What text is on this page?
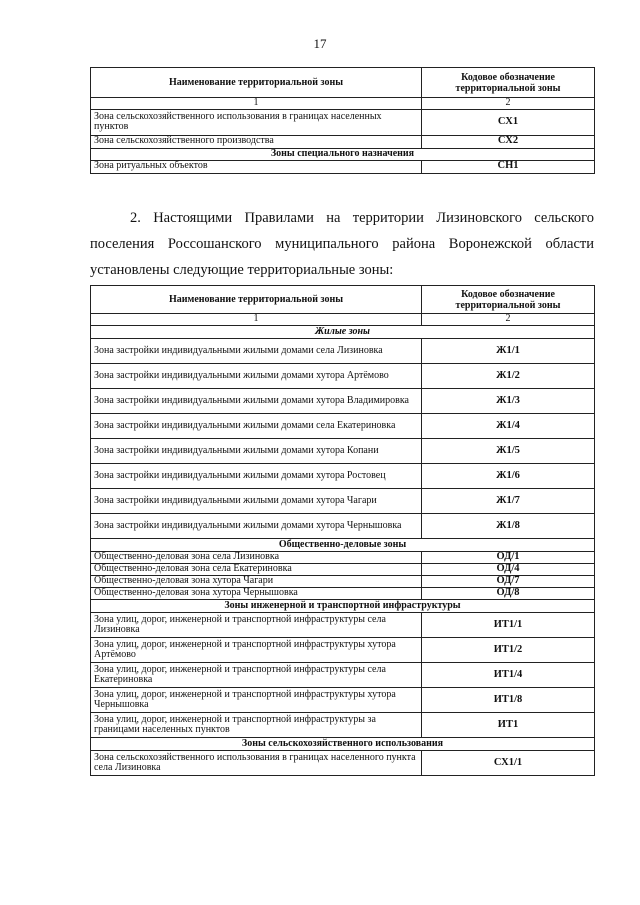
17
Наименование территориальной зоны	Кодовое обозначение территориальной зоны
1	2
Зона сельскохозяйственного использования в границах населенных пунктов	СХ1
Зона сельскохозяйственного производства	СХ2
Зоны специального назначения	
Зона ритуальных объектов	СН1
2. Настоящими Правилами на территории Лизиновского сельского
поселения Россошанского муниципального района Воронежской области
установлены следующие территориальные зоны:
Наименование территориальной зоны	Кодовое обозначение территориальной зоны
1	2
Жилые зоны	
Зона застройки индивидуальными жилыми домами села Лизиновка	Ж1/1
Зона застройки индивидуальными жилыми домами хутора Артёмово	Ж1/2
Зона застройки индивидуальными жилыми домами хутора Владимировка	Ж1/3
Зона застройки индивидуальными жилыми домами села Екатериновка	Ж1/4
Зона застройки индивидуальными жилыми домами хутора Копани	Ж1/5
Зона застройки индивидуальными жилыми домами хутора Ростовец	Ж1/6
Зона застройки индивидуальными жилыми домами хутора Чагари	Ж1/7
Зона застройки индивидуальными жилыми домами хутора Чернышовка	Ж1/8
Общественно-деловые зоны	
Общественно-деловая зона села Лизиновка	ОД/1
Общественно-деловая зона села Екатериновка	ОД/4
Общественно-деловая зона хутора Чагари	ОД/7
Общественно-деловая зона хутора Чернышовка	ОД/8
Зоны инженерной и транспортной инфраструктуры	
Зона улиц, дорог, инженерной и транспортной инфраструктуры села Лизиновка	ИТ1/1
Зона улиц, дорог, инженерной и транспортной инфраструктуры хутора Артёмово	ИТ1/2
Зона улиц, дорог, инженерной и транспортной инфраструктуры села Екатериновка	ИТ1/4
Зона улиц, дорог, инженерной и транспортной инфраструктуры хутора Чернышовка	ИТ1/8
Зона улиц, дорог, инженерной и транспортной инфраструктуры за границами населенных пунктов	ИТ1
Зоны сельскохозяйственного использования	
Зона сельскохозяйственного использования в границах населенного пункта села Лизиновка	СХ1/1
